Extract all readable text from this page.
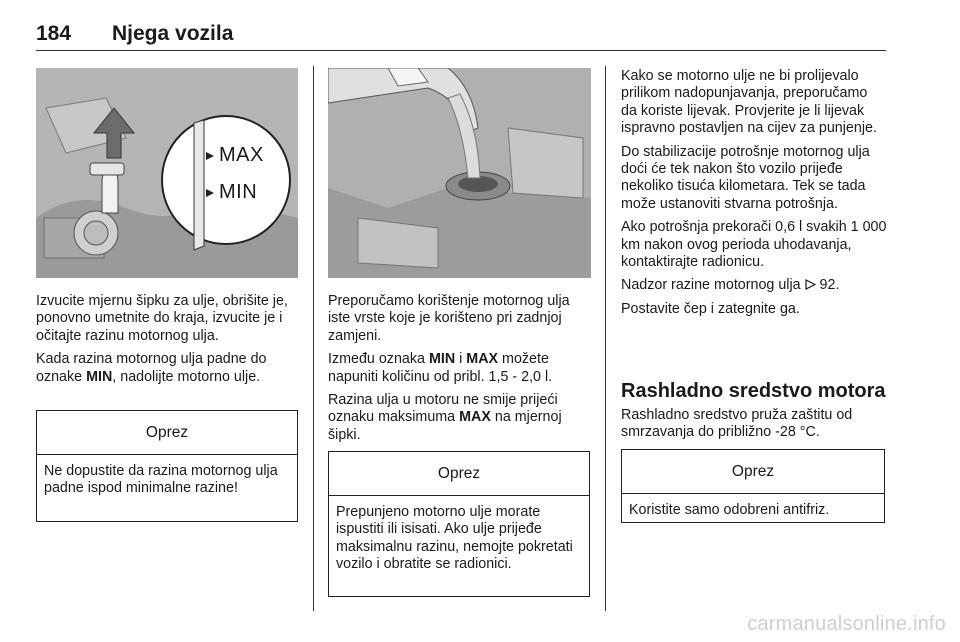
184 Njega vozila
MAX
MIN

Izvucite mjernu šipku za ulje, obrišite je, ponovno umetnite do kraja, izvucite je i očitajte razinu motornog ulja.

Kada razina motornog ulja padne do oznake MIN, nadolijte motorno ulje.

Oprez
Ne dopustite da razina motornog ulja padne ispod minimalne razine!

Preporučamo korištenje motornog ulja iste vrste koje je korišteno pri zadnjoj zamjeni.

Između oznaka MIN i MAX možete napuniti količinu od pribl. 1,5 - 2,0 l.

Razina ulja u motoru ne smije prijeći oznaku maksimuma MAX na mjernoj šipki.

Oprez
Prepunjeno motorno ulje morate ispustiti ili isisati. Ako ulje prijeđe maksimalnu razinu, nemojte pokretati vozilo i obratite se radionici.

Kako se motorno ulje ne bi prolijevalo prilikom nadopunjavanja, preporučamo da koriste lijevak. Provjerite je li lijevak ispravno postavljen na cijev za punjenje.

Do stabilizacije potrošnje motornog ulja doći će tek nakon što vozilo prijeđe nekoliko tisuća kilometara. Tek se tada može ustanoviti stvarna potrošnja.

Ako potrošnja prekorači 0,6 l svakih 1 000 km nakon ovog perioda uhodavanja, kontaktirajte radionicu.

Nadzor razine motornog ulja  92.

Postavite čep i zategnite ga.

Rashladno sredstvo motora

Rashladno sredstvo pruža zaštitu od smrzavanja do približno -28 °C.

Oprez
Koristite samo odobreni antifriz.
carmanualsonline.info
